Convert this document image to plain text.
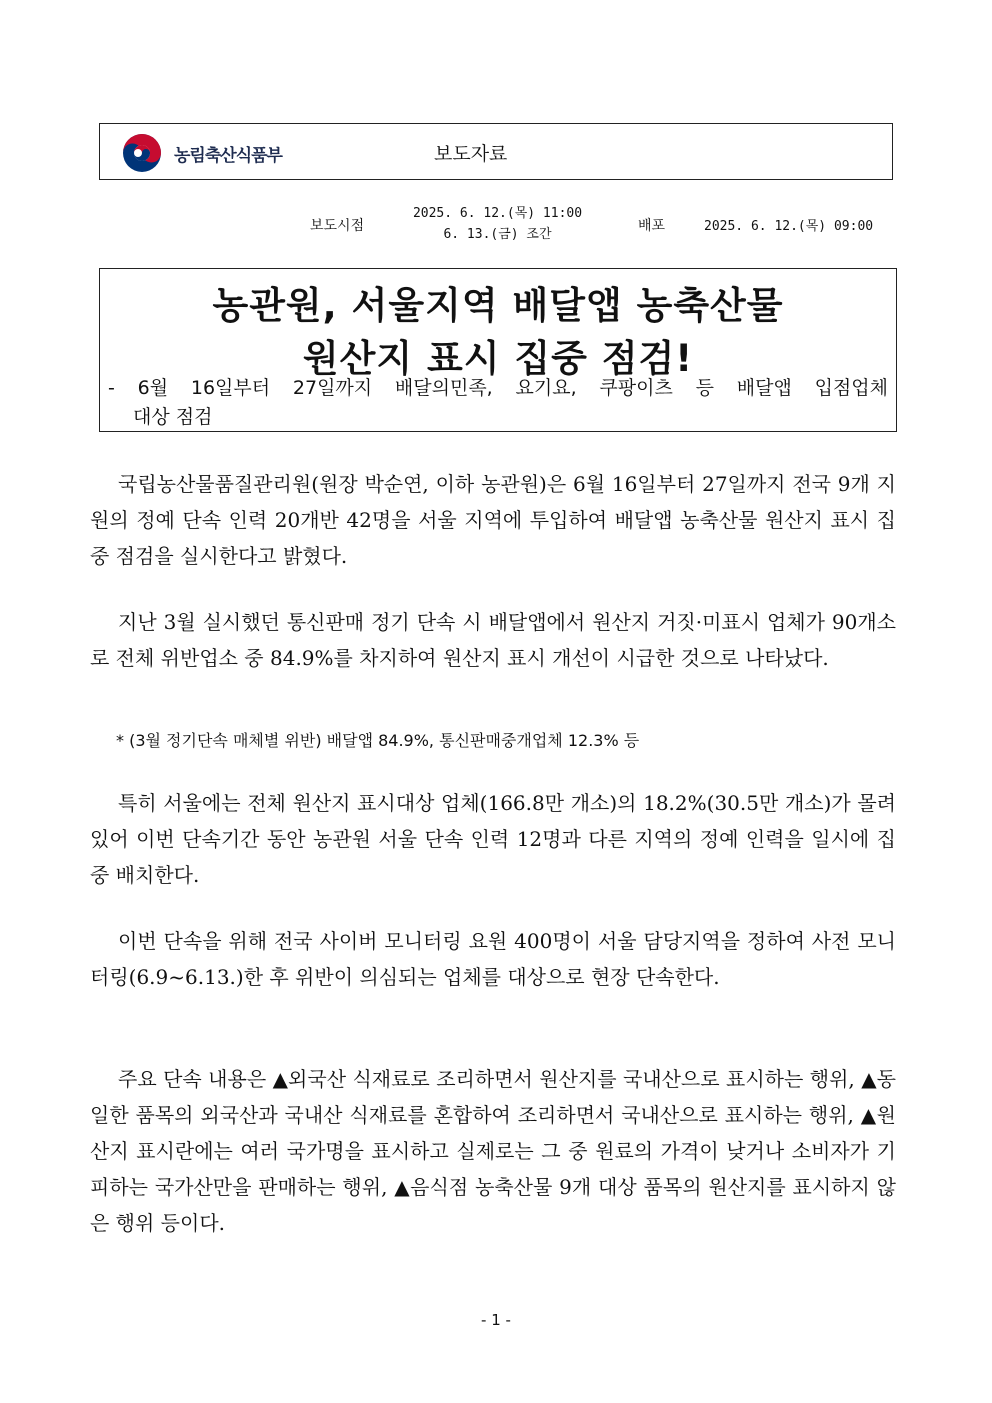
농림축산식품부	보도자료
보도시점
2025. 6. 12.(목) 11:00
6. 13.(금) 조간
배포	2025. 6. 12.(목) 09:00
농관원, 서울지역 배달앱 농축산물
원산지 표시 집중 점검!
- 6월 16일부터 27일까지 배달의민족, 요기요, 쿠팡이츠 등 배달앱 입점업체
대상 점검
국립농산물품질관리원(원장 박순연, 이하 농관원)은 6월 16일부터 27일까지 전국 9개 지원의 정예 단속 인력 20개반 42명을 서울 지역에 투입하여 배달앱 농축산물 원산지 표시 집중 점검을 실시한다고 밝혔다.
지난 3월 실시했던 통신판매 정기 단속 시 배달앱에서 원산지 거짓·미표시 업체가 90개소로 전체 위반업소 중 84.9%를 차지하여 원산지 표시 개선이 시급한 것으로 나타났다.
* (3월 정기단속 매체별 위반) 배달앱 84.9%, 통신판매중개업체 12.3% 등
특히 서울에는 전체 원산지 표시대상 업체(166.8만 개소)의 18.2%(30.5만 개소)가 몰려 있어 이번 단속기간 동안 농관원 서울 단속 인력 12명과 다른 지역의 정예 인력을 일시에 집중 배치한다.
이번 단속을 위해 전국 사이버 모니터링 요원 400명이 서울 담당지역을 정하여 사전 모니터링(6.9~6.13.)한 후 위반이 의심되는 업체를 대상으로 현장 단속한다.
주요 단속 내용은 ▲외국산 식재료로 조리하면서 원산지를 국내산으로 표시하는 행위, ▲동일한 품목의 외국산과 국내산 식재료를 혼합하여 조리하면서 국내산으로 표시하는 행위, ▲원산지 표시란에는 여러 국가명을 표시하고 실제로는 그 중 원료의 가격이 낮거나 소비자가 기피하는 국가산만을 판매하는 행위, ▲음식점 농축산물 9개 대상 품목의 원산지를 표시하지 않은 행위 등이다.
- 1 -
